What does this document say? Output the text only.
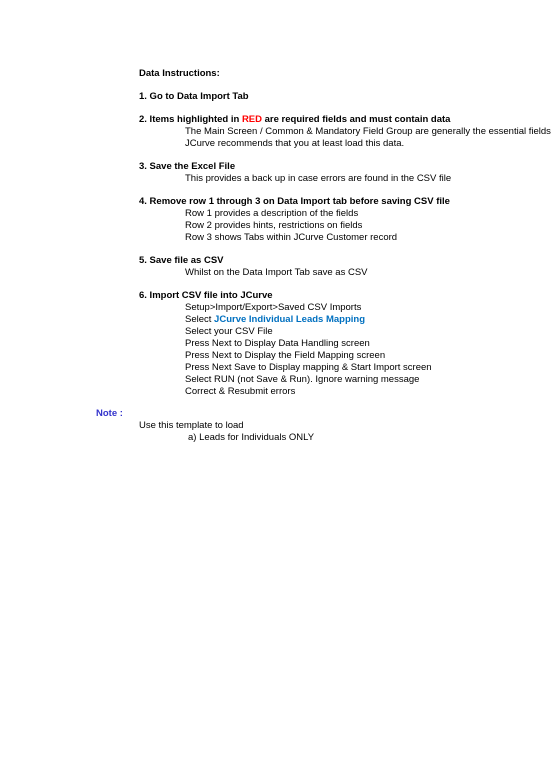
Data Instructions:
1. Go to Data Import Tab
2. Items highlighted in RED are required fields and must contain data
The Main Screen / Common & Mandatory Field Group are generally the essential fields
JCurve recommends that you at least load this data.
3. Save the Excel File
This provides a back up in case errors are found in the CSV file
4. Remove row 1 through 3 on Data Import tab before saving CSV file
Row 1 provides a description of the fields
Row 2 provides hints, restrictions on fields
Row 3 shows Tabs within JCurve Customer record
5. Save file as CSV
Whilst on the Data Import Tab save as CSV
6. Import CSV file into JCurve
Setup>Import/Export>Saved CSV Imports
Select JCurve Individual Leads Mapping
Select your CSV File
Press Next to Display Data Handling screen
Press Next to Display the Field Mapping screen
Press Next Save to Display mapping & Start Import screen
Select RUN (not Save & Run). Ignore warning message
Correct & Resubmit errors
Note :
Use this template to load
a) Leads for Individuals ONLY
